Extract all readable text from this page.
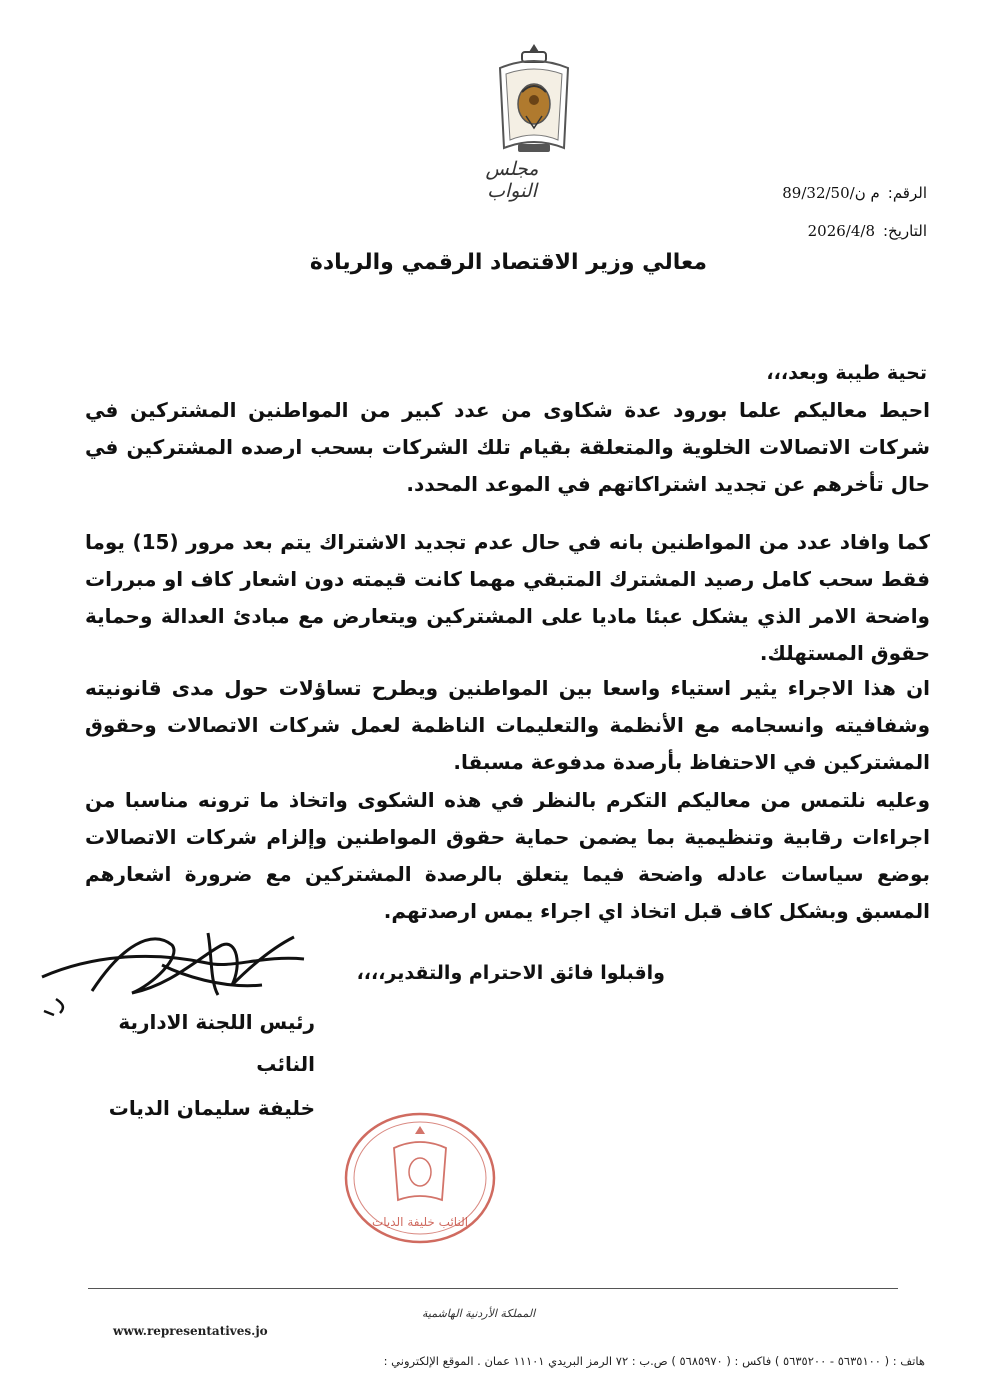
مجلس النواب	الرقم:م ن/89/32/50
التاريخ:2026/4/8
معالي وزير الاقتصاد الرقمي والريادة
تحية طيبة وبعد،،،
احيط معاليكم علما بورود عدة شكاوى من عدد كبير من المواطنين المشتركين في شركات الاتصالات الخلوية والمتعلقة بقيام تلك الشركات بسحب ارصده المشتركين في حال تأخرهم عن تجديد اشتراكاتهم في الموعد المحدد.
كما وافاد عدد من المواطنين بانه في حال عدم تجديد الاشتراك يتم بعد مرور (15) يوما فقط سحب كامل رصيد المشترك المتبقي مهما كانت قيمته دون اشعار كاف او مبررات واضحة الامر الذي يشكل عبئا ماديا على المشتركين ويتعارض مع مبادئ العدالة وحماية حقوق المستهلك.
ان هذا الاجراء يثير استياء واسعا بين المواطنين ويطرح تساؤلات حول مدى قانونيته وشفافيته وانسجامه مع الأنظمة والتعليمات الناظمة لعمل شركات الاتصالات وحقوق المشتركين في الاحتفاظ بأرصدة مدفوعة مسبقا.
وعليه نلتمس من معاليكم التكرم بالنظر في هذه الشكوى واتخاذ ما ترونه مناسبا من اجراءات رقابية وتنظيمية بما يضمن حماية حقوق المواطنين وإلزام شركات الاتصالات بوضع سياسات عادله واضحة فيما يتعلق بالرصدة المشتركين مع ضرورة اشعارهم المسبق وبشكل كاف قبل اتخاذ اي اجراء يمس ارصدتهم.
واقبلوا فائق الاحترام والتقدير،،،،
رئيس اللجنة الادارية
النائب
خليفة سليمان الديات
النائب خليفة الديات
المملكة الأردنية الهاشمية
هاتف : ( ٥٦٣٥١٠٠ - ٥٦٣٥٢٠٠ ) فاكس : ( ٥٦٨٥٩٧٠ ) ص.ب : ٧٢ الرمز البريدي ١١١٠١ عمان . الموقع الإلكتروني :
www.representatives.jo
